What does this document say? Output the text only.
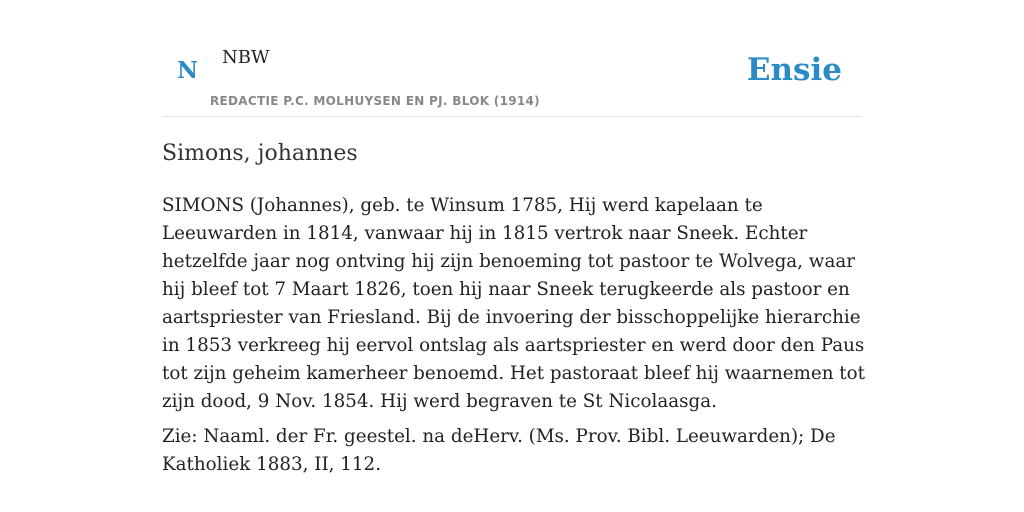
N NBW
REDACTIE P.C. MOLHUYSEN EN PJ. BLOK (1914)
Ensie
Simons, johannes

SIMONS (Johannes), geb. te Winsum 1785, Hij werd kapelaan te Leeuwarden in 1814, vanwaar hij in 1815 vertrok naar Sneek. Echter hetzelfde jaar nog ontving hij zijn benoeming tot pastoor te Wolvega, waar hij bleef tot 7 Maart 1826, toen hij naar Sneek terugkeerde als pastoor en aartspriester van Friesland. Bij de invoering der bisschoppelijke hierarchie in 1853 verkreeg hij eervol ontslag als aartspriester en werd door den Paus tot zijn geheim kamerheer benoemd. Het pastoraat bleef hij waarnemen tot zijn dood, 9 Nov. 1854. Hij werd begraven te St Nicolaasga.

Zie: Naaml. der Fr. geestel. na deHerv. (Ms. Prov. Bibl. Leeuwarden); De Katholiek 1883, II, 112.
